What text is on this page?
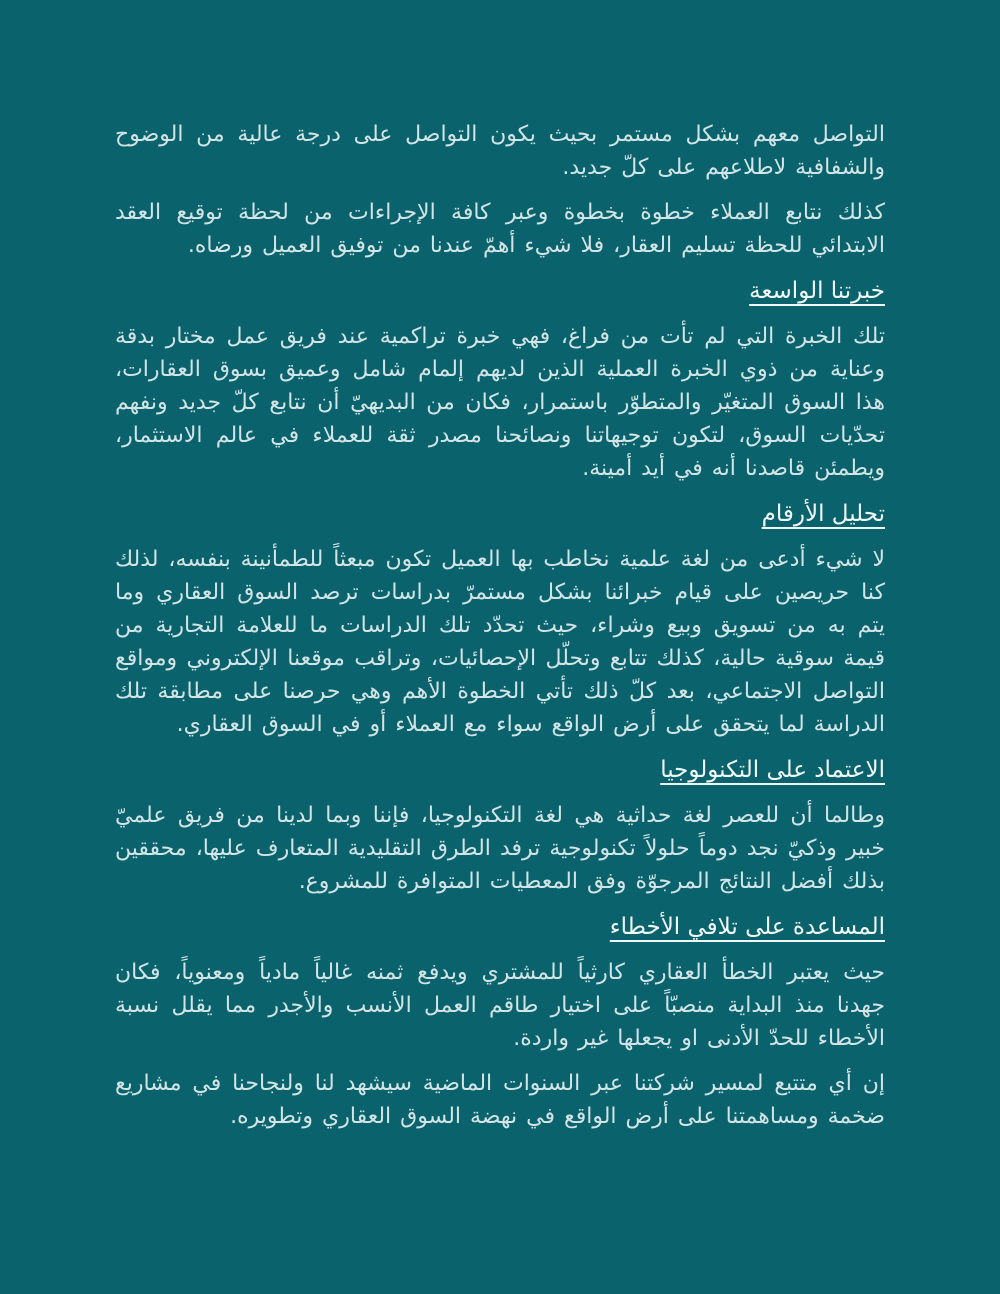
التواصل معهم بشكل مستمر بحيث يكون التواصل على درجة عالية من الوضوح والشفافية لاطلاعهم على كلّ جديد.

كذلك نتابع العملاء خطوة بخطوة وعبر كافة الإجراءات من لحظة توقيع العقد الابتدائي للحظة تسليم العقار، فلا شيء أهمّ عندنا من توفيق العميل ورضاه.

خبرتنا الواسعة

تلك الخبرة التي لم تأت من فراغ، فهي خبرة تراكمية عند فريق عمل مختار بدقة وعناية من ذوي الخبرة العملية الذين لديهم إلمام شامل وعميق بسوق العقارات، هذا السوق المتغيّر والمتطوّر باستمرار، فكان من البديهيّ أن نتابع كلّ جديد ونفهم تحدّيات السوق، لتكون توجيهاتنا ونصائحنا مصدر ثقة للعملاء في عالم الاستثمار، ويطمئن قاصدنا أنه في أيد أمينة.

تحليل الأرقام

لا شيء أدعى من لغة علمية نخاطب بها العميل تكون مبعثاً للطمأنينة بنفسه، لذلك كنا حريصين على قيام خبرائنا بشكل مستمرّ بدراسات ترصد السوق العقاري وما يتم به من تسويق وبيع وشراء، حيث تحدّد تلك الدراسات ما للعلامة التجارية من قيمة سوقية حالية، كذلك تتابع وتحلّل الإحصائيات، وتراقب موقعنا الإلكتروني ومواقع التواصل الاجتماعي، بعد كلّ ذلك تأتي الخطوة الأهم وهي حرصنا على مطابقة تلك الدراسة لما يتحقق على أرض الواقع سواء مع العملاء أو في السوق العقاري.

الاعتماد على التكنولوجيا

وطالما أن للعصر لغة حداثية هي لغة التكنولوجيا، فإننا وبما لدينا من فريق علميّ خبير وذكيّ نجد دوماً حلولاً تكنولوجية ترفد الطرق التقليدية المتعارف عليها، محققين بذلك أفضل النتائج المرجوّة وفق المعطيات المتوافرة للمشروع.

المساعدة على تلافي الأخطاء

حيث يعتبر الخطأ العقاري كارثياً للمشتري ويدفع ثمنه غالياً مادياً ومعنوياً، فكان جهدنا منذ البداية منصبّاً على اختيار طاقم العمل الأنسب والأجدر مما يقلل نسبة الأخطاء للحدّ الأدنى او يجعلها غير واردة.

إن أي متتبع لمسير شركتنا عبر السنوات الماضية سيشهد لنا ولنجاحنا في مشاريع ضخمة ومساهمتنا على أرض الواقع في نهضة السوق العقاري وتطويره.
